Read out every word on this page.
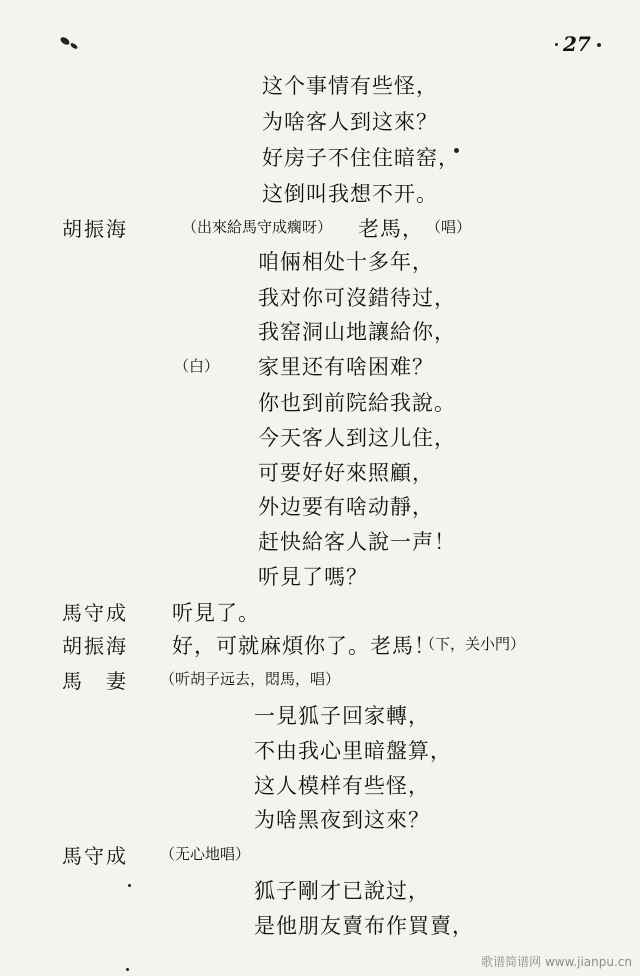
27
这个事情有些怪，
为啥客人到这來？
好房子不住住暗窑，
这倒叫我想不开。
胡振海	（出來給馬守成瘸呀） 老馬， （唱）
咱倆相处十多年，
我对你可沒錯待过，
我窑洞山地讓給你，
（白） 家里还有啥困难？
你也到前院給我說。
今天客人到这儿住，
可要好好來照顧，
外边要有啥动靜，
赶快給客人說一声！
听見了嗎？
馬守成 听見了。
胡振海 好，可就麻煩你了。老馬！
（下，关小門）
馬　妻 （听胡子远去，悶馬，唱）
一見狐子回家轉，
不由我心里暗盤算，
这人模样有些怪，
为啥黑夜到这來？
馬守成 （无心地唱）
狐子剛才已說过，
是他朋友賣布作買賣，
歌谱简谱网 www.jianpu.cn
